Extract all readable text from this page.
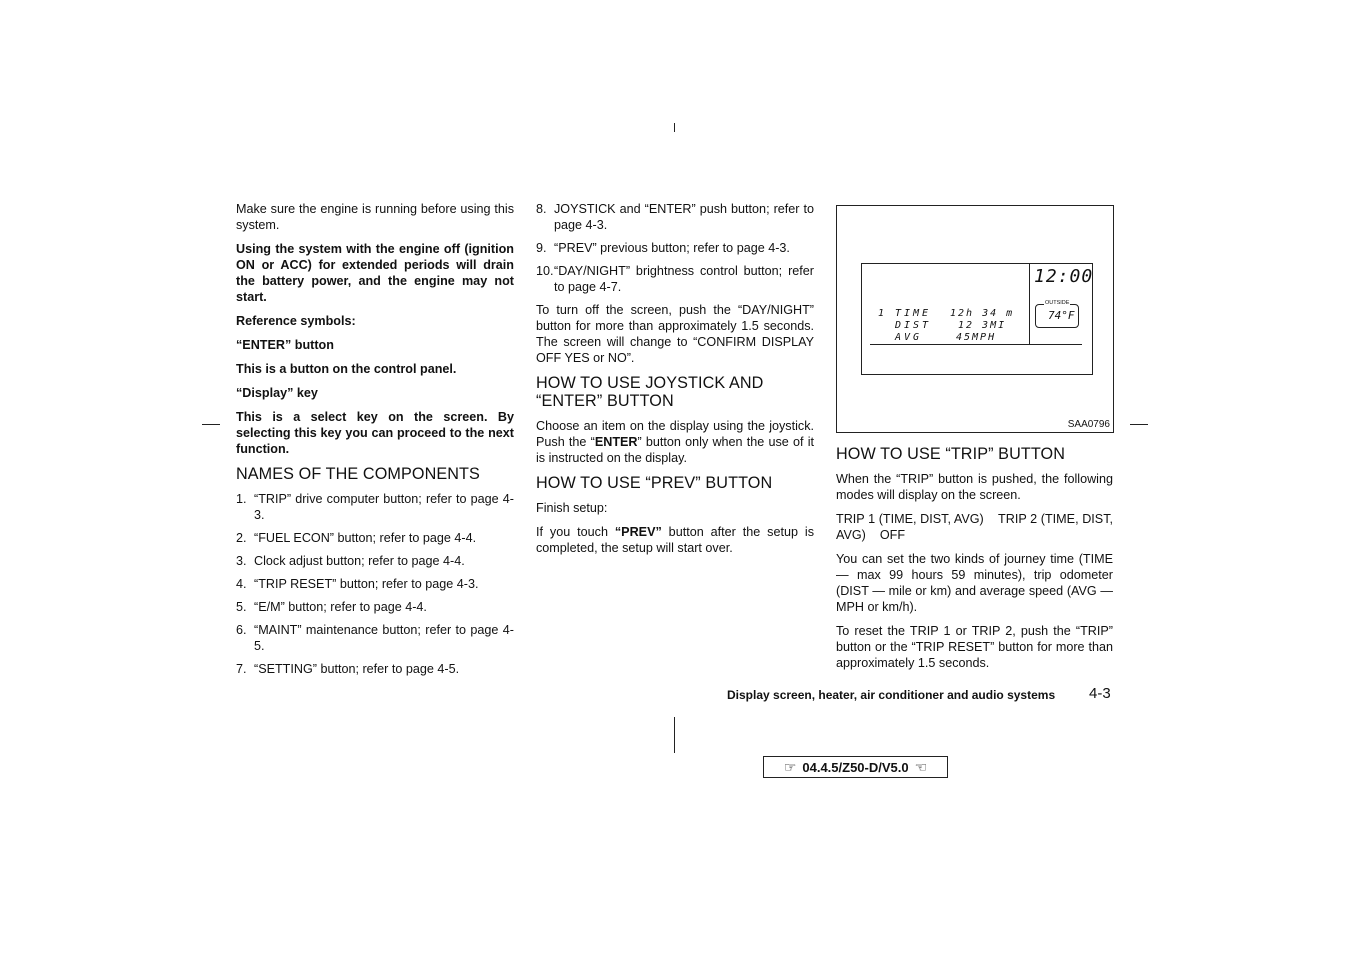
Make sure the engine is running before using this system.

Using the system with the engine off (ignition ON or ACC) for extended periods will drain the battery power, and the engine may not start.

Reference symbols:

“ENTER” button

This is a button on the control panel.

“Display” key

This is a select key on the screen. By selecting this key you can proceed to the next function.

NAMES OF THE COMPONENTS
1. “TRIP” drive computer button; refer to page 4-3.
2. “FUEL ECON” button; refer to page 4-4.
3. Clock adjust button; refer to page 4-4.
4. “TRIP RESET” button; refer to page 4-3.
5. “E/M” button; refer to page 4-4.
6. “MAINT” maintenance button; refer to page 4-5.
7. “SETTING” button; refer to page 4-5.
8. JOYSTICK and “ENTER” push button; refer to page 4-3.
9. “PREV” previous button; refer to page 4-3.
10. “DAY/NIGHT” brightness control button; refer to page 4-7.

To turn off the screen, push the “DAY/NIGHT” button for more than approximately 1.5 seconds. The screen will change to “CONFIRM DISPLAY OFF YES or NO”.

HOW TO USE JOYSTICK AND “ENTER” BUTTON

Choose an item on the display using the joystick. Push the “ENTER” button only when the use of it is instructed on the display.

HOW TO USE “PREV” BUTTON

Finish setup:

If you touch “PREV” button after the setup is completed, the setup will start over.

1 TIME
DIST
AVG
12h 34 m
12 3MI
45MPH
12:00
OUTSIDE
74°F
SAA0796
HOW TO USE “TRIP” BUTTON

When the “TRIP” button is pushed, the following modes will display on the screen.

TRIP 1 (TIME, DIST, AVG)    TRIP 2 (TIME, DIST, AVG)    OFF

You can set the two kinds of journey time (TIME — max 99 hours 59 minutes), trip odometer (DIST — mile or km) and average speed (AVG — MPH or km/h).

To reset the TRIP 1 or TRIP 2, push the “TRIP” button or the “TRIP RESET” button for more than approximately 1.5 seconds.

Display screen, heater, air conditioner and audio systems 4-3
☞ 04.4.5/Z50-D/V5.0 ☜
